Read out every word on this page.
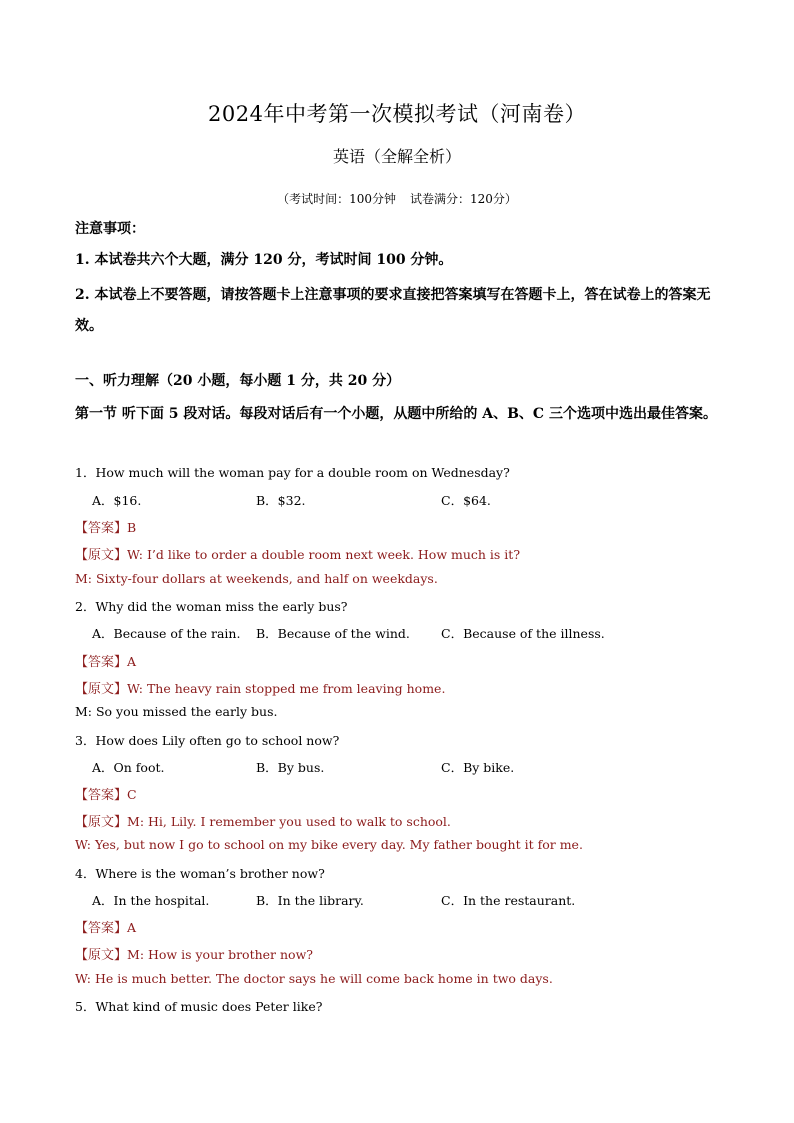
2024年中考第一次模拟考试（河南卷）
英语（全解全析）
（考试时间：100分钟 试卷满分：120分）
注意事项：
1. 本试卷共六个大题，满分 120 分，考试时间 100 分钟。
2. 本试卷上不要答题，请按答题卡上注意事项的要求直接把答案填写在答题卡上，答在试卷上的答案无效。
一、听力理解（20 小题，每小题 1 分，共 20 分）
第一节 听下面 5 段对话。每段对话后有一个小题，从题中所给的 A、B、C 三个选项中选出最佳答案。
1．How much will the woman pay for a double room on Wednesday?
A．$16.	B．$32.	C．$64.
【答案】B
【原文】W: I’d like to order a double room next week. How much is it?
M: Sixty-four dollars at weekends, and half on weekdays.
2．Why did the woman miss the early bus?
A．Because of the rain. B．Because of the wind. C．Because of the illness.
【答案】A
【原文】W: The heavy rain stopped me from leaving home.
M: So you missed the early bus.
3．How does Lily often go to school now?
A．On foot.	B．By bus.	C．By bike.
【答案】C
【原文】M: Hi, Lily. I remember you used to walk to school.
W: Yes, but now I go to school on my bike every day. My father bought it for me.
4．Where is the woman’s brother now?
A．In the hospital.	B．In the library.	C．In the restaurant.
【答案】A
【原文】M: How is your brother now?
W: He is much better. The doctor says he will come back home in two days.
5．What kind of music does Peter like?
